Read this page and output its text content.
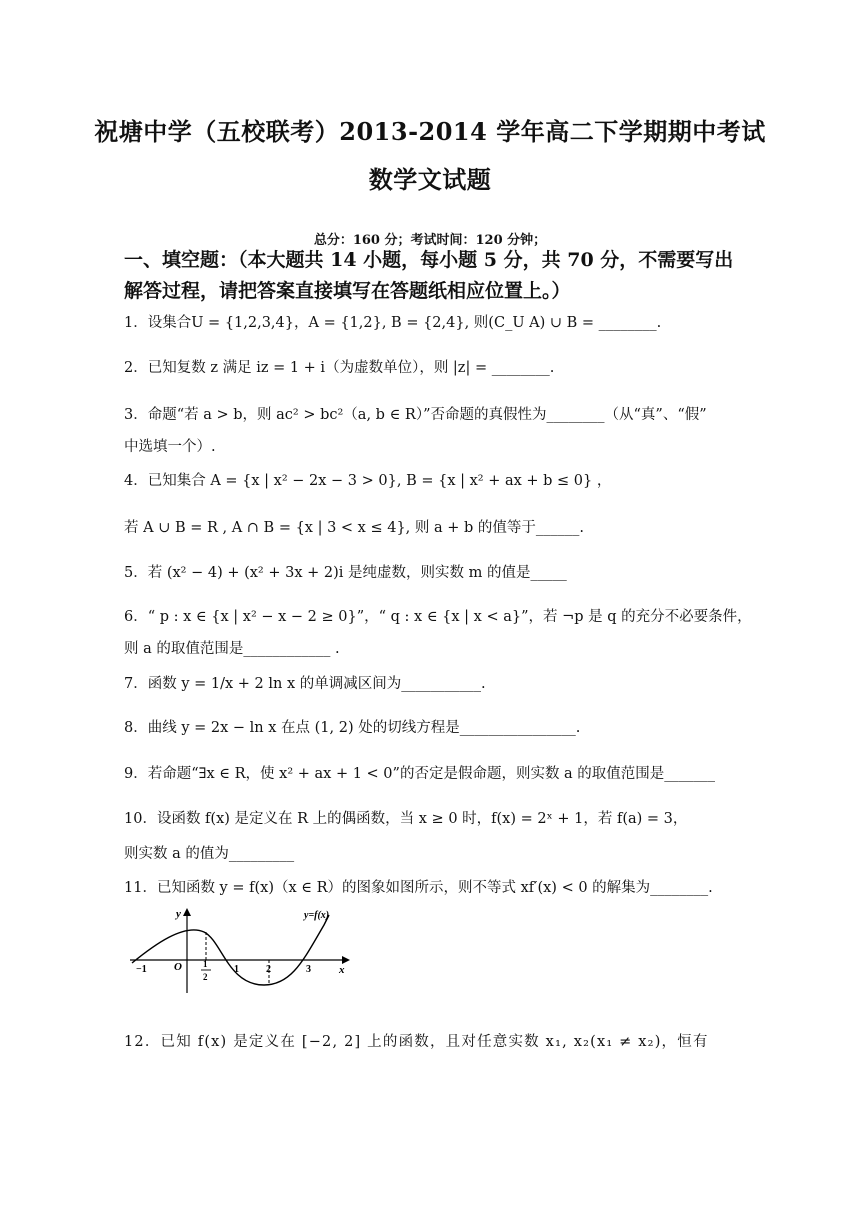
祝塘中学（五校联考）2013-2014 学年高二下学期期中考试
数学文试题
总分：160 分；考试时间：120 分钟；
一、填空题：（本大题共 14 小题，每小题 5 分，共 70 分，不需要写出解答过程，请把答案直接填写在答题纸相应位置上。）
1．设集合U = {1,2,3,4}，A = {1,2}, B = {2,4}, 则(C_U A) ∪ B = ________.
2．已知复数 z 满足 iz = 1 + i（为虚数单位），则 |z| = ________.
3．命题“若 a > b，则 ac² > bc²（a, b ∈ R）”否命题的真假性为________（从“真”、“假”
中选填一个）.
4．已知集合 A = {x | x² − 2x − 3 > 0}, B = {x | x² + ax + b ≤ 0} ，
若 A ∪ B = R , A ∩ B = {x | 3 < x ≤ 4}, 则 a + b 的值等于______.
5．若 (x² − 4) + (x² + 3x + 2)i 是纯虚数，则实数 m 的值是_____
6．“ p : x ∈ {x | x² − x − 2 ≥ 0}”，“ q : x ∈ {x | x < a}”，若 ¬p 是 q 的充分不必要条件，
则 a 的取值范围是____________ .
7．函数 y = 1/x + 2 ln x 的单调减区间为___________.
8．曲线 y = 2x − ln x 在点 (1, 2) 处的切线方程是________________.
9．若命题“∃x ∈ R，使 x² + ax + 1 < 0”的否定是假命题，则实数 a 的取值范围是_______
10．设函数 f(x) 是定义在 R 上的偶函数，当 x ≥ 0 时，f(x) = 2ˣ + 1，若 f(a) = 3，
则实数 a 的值为_________
11．已知函数 y = f(x)（x ∈ R）的图象如图所示，则不等式 xf′(x) < 0 的解集为________.
y
x
y=f(x)
O
−1	1
2
1	2	3
12．已知 f(x) 是定义在 [−2, 2] 上的函数，且对任意实数 x₁, x₂(x₁ ≠ x₂)，恒有
